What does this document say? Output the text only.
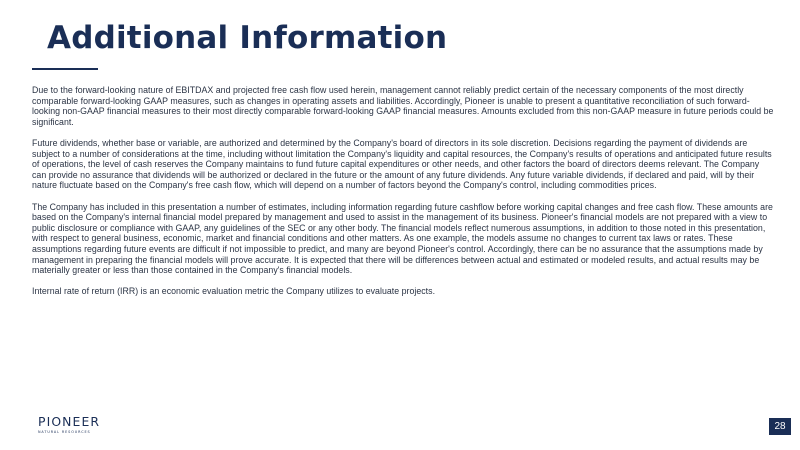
Additional Information

Due to the forward-looking nature of EBITDAX and projected free cash flow used herein, management cannot reliably predict certain of the necessary components of the most directly comparable forward-looking GAAP measures, such as changes in operating assets and liabilities. Accordingly, Pioneer is unable to present a quantitative reconciliation of such forward-looking non-GAAP financial measures to their most directly comparable forward-looking GAAP financial measures. Amounts excluded from this non-GAAP measure in future periods could be significant.

Future dividends, whether base or variable, are authorized and determined by the Company's board of directors in its sole discretion. Decisions regarding the payment of dividends are subject to a number of considerations at the time, including without limitation the Company's liquidity and capital resources, the Company's results of operations and anticipated future results of operations, the level of cash reserves the Company maintains to fund future capital expenditures or other needs, and other factors the board of directors deems relevant. The Company can provide no assurance that dividends will be authorized or declared in the future or the amount of any future dividends. Any future variable dividends, if declared and paid, will by their nature fluctuate based on the Company's free cash flow, which will depend on a number of factors beyond the Company's control, including commodities prices.

The Company has included in this presentation a number of estimates, including information regarding future cashflow before working capital changes and free cash flow. These amounts are based on the Company's internal financial model prepared by management and used to assist in the management of its business. Pioneer's financial models are not prepared with a view to public disclosure or compliance with GAAP, any guidelines of the SEC or any other body. The financial models reflect numerous assumptions, in addition to those noted in this presentation, with respect to general business, economic, market and financial conditions and other matters. As one example, the models assume no changes to current tax laws or rates. These assumptions regarding future events are difficult if not impossible to predict, and many are beyond Pioneer's control. Accordingly, there can be no assurance that the assumptions made by management in preparing the financial models will prove accurate. It is expected that there will be differences between actual and estimated or modeled results, and actual results may be materially greater or less than those contained in the Company's financial models.

Internal rate of return (IRR) is an economic evaluation metric the Company utilizes to evaluate projects.

PIONEER
NATURAL RESOURCES	28
